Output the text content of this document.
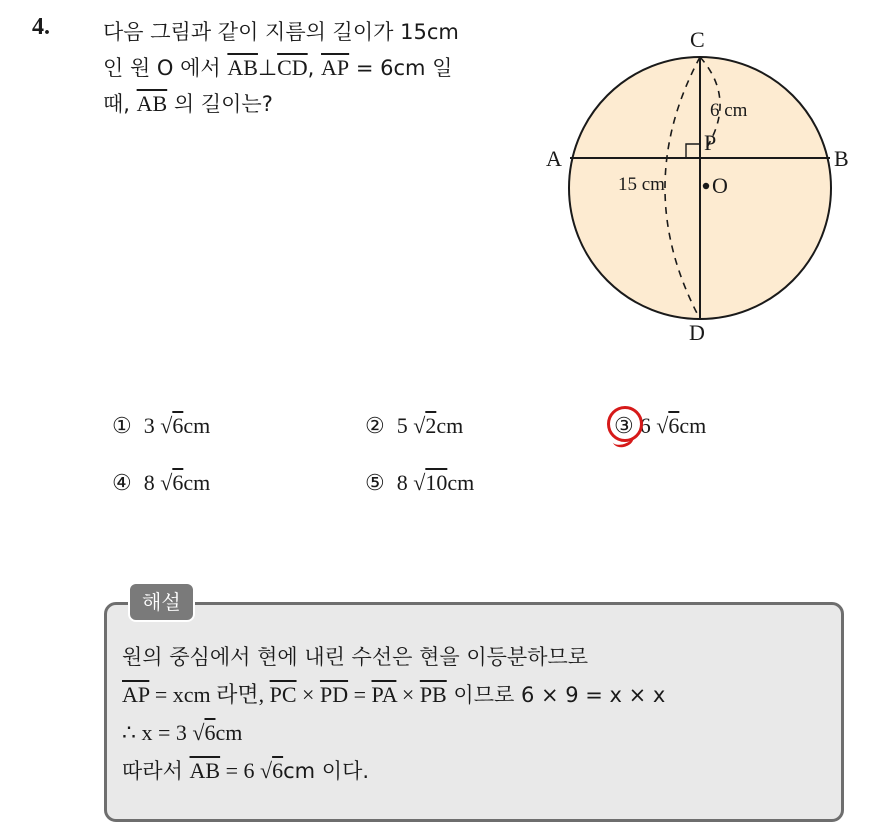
4.	다음 그림과 같이 지름의 길이가 15cm
인 원 O 에서 $\overline{AB}\perp\overline{CD}$, $\overline{AP} = 6cm$ 일
때, $\overline{AB}$ 의 길이는?
C
D
A	B
P
O
6 cm
15 cm
① 3 √6cm	② 5 √2cm	③ 6 √6cm
④ 8 √6cm	⑤ 8 √10cm
해설
원의 중심에서 현에 내린 수선은 현을 이등분하므로
$\overline{AP}$ = xcm 라면, $\overline{PC} \times \overline{PD} = \overline{PA} \times \overline{PB}$ 이므로 6 × 9 = x × x
∴ x = 3 √6cm
따라서 $\overline{AB} = 6$ √6cm 이다.
